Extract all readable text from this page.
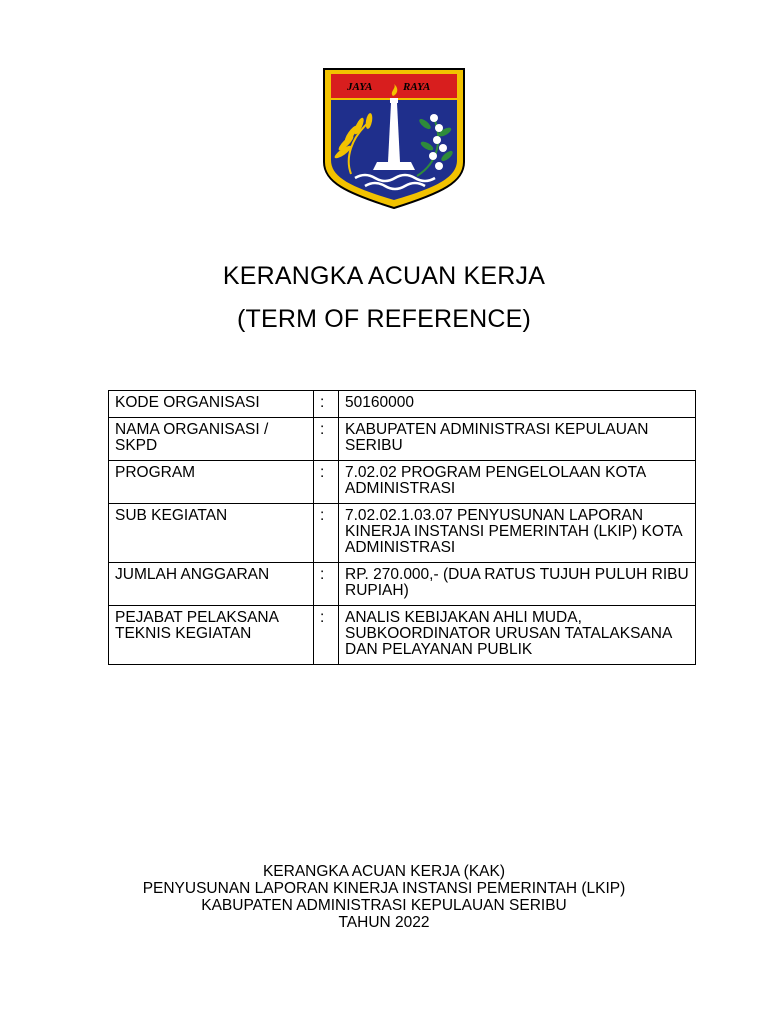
JAYA	RAYA
KERANGKA ACUAN KERJA
(TERM OF REFERENCE)
KODE ORGANISASI	:	50160000
NAMA ORGANISASI / SKPD	:	KABUPATEN ADMINISTRASI KEPULAUAN SERIBU
PROGRAM	:	7.02.02 PROGRAM PENGELOLAAN KOTA ADMINISTRASI
SUB KEGIATAN	:	7.02.02.1.03.07 PENYUSUNAN LAPORAN KINERJA INSTANSI PEMERINTAH (LKIP) KOTA ADMINISTRASI
JUMLAH ANGGARAN	:	RP. 270.000,- (DUA RATUS TUJUH PULUH RIBU RUPIAH)
PEJABAT PELAKSANA TEKNIS KEGIATAN	:	ANALIS KEBIJAKAN AHLI MUDA, SUBKOORDINATOR URUSAN TATALAKSANA DAN PELAYANAN PUBLIK
KERANGKA ACUAN KERJA (KAK)
PENYUSUNAN LAPORAN KINERJA INSTANSI PEMERINTAH (LKIP)
KABUPATEN ADMINISTRASI KEPULAUAN SERIBU
TAHUN 2022
